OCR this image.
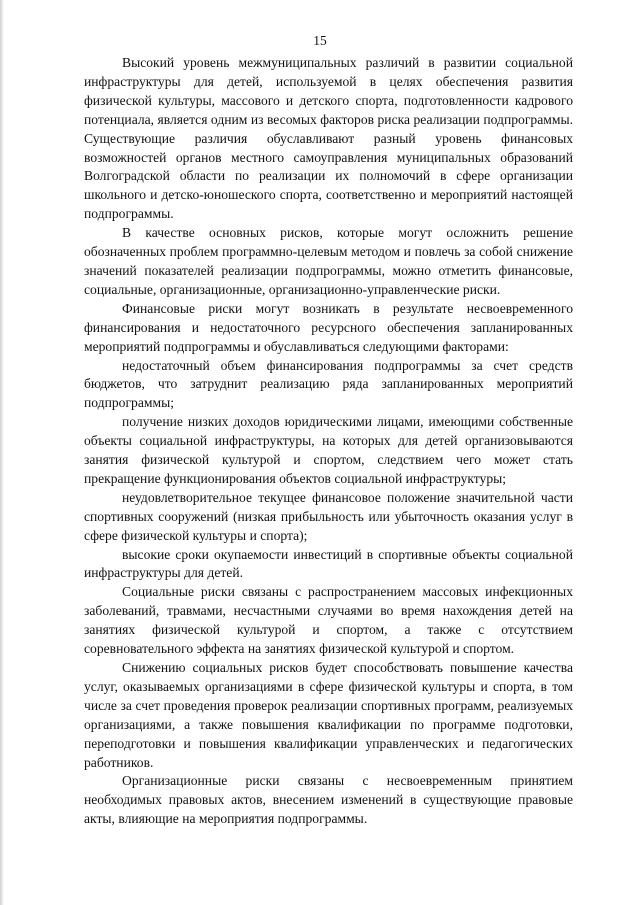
15

Высокий уровень межмуниципальных различий в развитии социальной инфраструктуры для детей, используемой в целях обеспечения развития физической культуры, массового и детского спорта, подготовленности кадрового потенциала, является одним из весомых факторов риска реализации подпрограммы. Существующие различия обуславливают разный уровень финансовых возможностей органов местного самоуправления муниципальных образований Волгоградской области по реализации их полномочий в сфере организации школьного и детско-юношеского спорта, соответственно и мероприятий настоящей подпрограммы.

В качестве основных рисков, которые могут осложнить решение обозначенных проблем программно-целевым методом и повлечь за собой снижение значений показателей реализации подпрограммы, можно отметить финансовые, социальные, организационные, организационно-управленческие риски.

Финансовые риски могут возникать в результате несвоевременного финансирования и недостаточного ресурсного обеспечения запланированных мероприятий подпрограммы и обуславливаться следующими факторами:

недостаточный объем финансирования подпрограммы за счет средств бюджетов, что затруднит реализацию ряда запланированных мероприятий подпрограммы;

получение низких доходов юридическими лицами, имеющими собственные объекты социальной инфраструктуры, на которых для детей организовываются занятия физической культурой и спортом, следствием чего может стать прекращение функционирования объектов социальной инфраструктуры;

неудовлетворительное текущее финансовое положение значительной части спортивных сооружений (низкая прибыльность или убыточность оказания услуг в сфере физической культуры и спорта);

высокие сроки окупаемости инвестиций в спортивные объекты социальной инфраструктуры для детей.

Социальные риски связаны с распространением массовых инфекционных заболеваний, травмами, несчастными случаями во время нахождения детей на занятиях физической культурой и спортом, а также с отсутствием соревновательного эффекта на занятиях физической культурой и спортом.

Снижению социальных рисков будет способствовать повышение качества услуг, оказываемых организациями в сфере физической культуры и спорта, в том числе за счет проведения проверок реализации спортивных программ, реализуемых организациями, а также повышения квалификации по программе подготовки, переподготовки и повышения квалификации управленческих и педагогических работников.

Организационные риски связаны с несвоевременным принятием необходимых правовых актов, внесением изменений в существующие правовые акты, влияющие на мероприятия подпрограммы.
